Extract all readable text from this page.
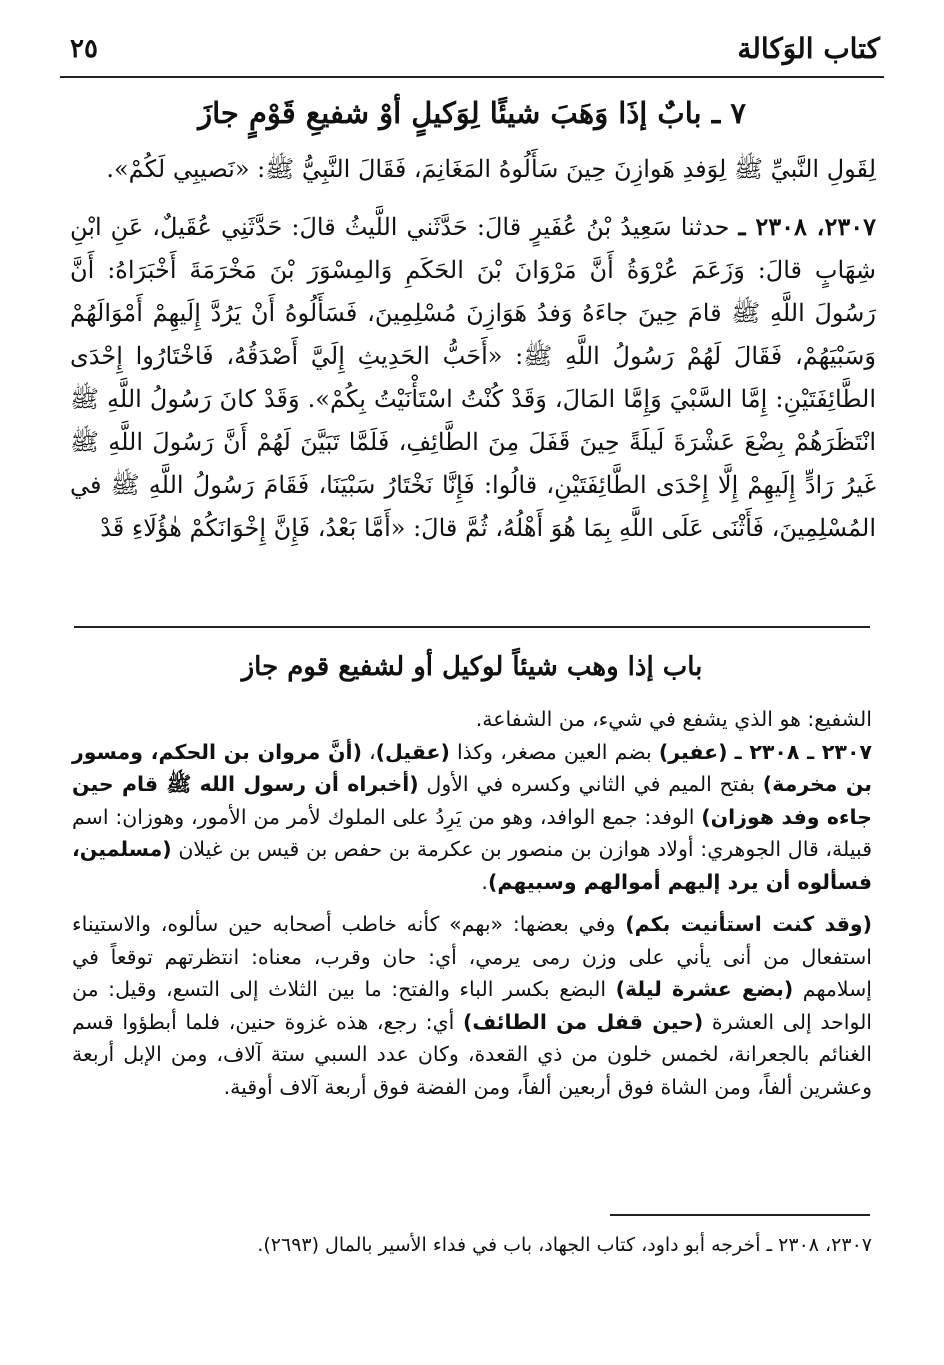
٢٥	كتاب الوَكالة
٧ ـ بابٌ إذَا وَهَبَ شيئًا لِوَكيلٍ أوْ شفيعِ قَوْمٍ جازَ

لِقَولِ النَّبيِّ ﷺ لِوَفدِ هَوازِنَ حِينَ سَأَلُوهُ المَغَانِمَ، فَقَالَ النَّبِيُّ ﷺ: «نَصيبِي لَكُمْ».

٢٣٠٧، ٢٣٠٨ ـ حدثنا سَعِيدُ بْنُ عُفَيرٍ قالَ: حَدَّثَني اللَّيثُ قالَ: حَدَّثَنِي عُقَيلٌ، عَنِ ابْنِ شِهَابٍ قالَ: وَزَعَمَ عُرْوَةُ أَنَّ مَرْوَانَ بْنَ الحَكَمِ وَالمِسْوَرَ بْنَ مَخْرَمَةَ أَخْبَرَاهُ: أَنَّ رَسُولَ اللَّهِ ﷺ قامَ حِينَ جاءَهُ وَفدُ هَوَازِنَ مُسْلِمِينَ، فَسَأَلُوهُ أَنْ يَرُدَّ إِلَيهِمْ أَمْوَالَهُمْ وَسَبْيَهُمْ، فَقَالَ لَهُمْ رَسُولُ اللَّهِ ﷺ: «أَحَبُّ الحَدِيثِ إِلَيَّ أَصْدَقُهُ، فَاخْتَارُوا إِحْدَى الطَّائِفَتَيْنِ: إِمَّا السَّبْيَ وَإِمَّا المَالَ، وَقَدْ كُنْتُ اسْتَأْنَيْتُ بِكُمْ». وَقَدْ كانَ رَسُولُ اللَّهِ ﷺ انْتَظَرَهُمْ بِضْعَ عَشْرَةَ لَيلَةً حِينَ قَفَلَ مِنَ الطَّائِفِ، فَلَمَّا تَبَيَّنَ لَهُمْ أَنَّ رَسُولَ اللَّهِ ﷺ غَيرُ رَادٍّ إِلَيهِمْ إِلَّا إِحْدَى الطَّائِفَتَيْنِ، قالُوا: فَإِنَّا نَخْتَارُ سَبْيَنَا، فَقَامَ رَسُولُ اللَّهِ ﷺ في المُسْلِمِينَ، فَأَثْنَى عَلَى اللَّهِ بِمَا هُوَ أَهْلُهُ، ثُمَّ قالَ: «أَمَّا بَعْدُ، فَإِنَّ إِخْوَانَكُمْ هٰؤُلَاءِ قَدْ

باب إذا وهب شيئاً لوكيل أو لشفيع قوم جاز

الشفيع: هو الذي يشفع في شيء، من الشفاعة.

٢٣٠٧ ـ ٢٣٠٨ ـ (عفير) بضم العين مصغر، وكذا (عقيل)، (أنَّ مروان بن الحكم، ومسور بن مخرمة) بفتح الميم في الثاني وكسره في الأول (أخبراه أن رسول الله ﷺ قام حين جاءه وفد هوزان) الوفد: جمع الوافد، وهو من يَرِدُ على الملوك لأمر من الأمور، وهوزان: اسم قبيلة، قال الجوهري: أولاد هوازن بن منصور بن عكرمة بن حفص بن قيس بن غيلان (مسلمين، فسألوه أن يرد إليهم أموالهم وسبيهم).

(وقد كنت استأنيت بكم) وفي بعضها: «بهم» كأنه خاطب أصحابه حين سألوه، والاستيناء استفعال من أنى يأني على وزن رمى يرمي، أي: حان وقرب، معناه: انتظرتهم توقعاً في إسلامهم (بضع عشرة ليلة) البضع بكسر الباء والفتح: ما بين الثلاث إلى التسع، وقيل: من الواحد إلى العشرة (حين قفل من الطائف) أي: رجع، هذه غزوة حنين، فلما أبطؤوا قسم الغنائم بالجعرانة، لخمس خلون من ذي القعدة، وكان عدد السبي ستة آلاف، ومن الإبل أربعة وعشرين ألفاً، ومن الشاة فوق أربعين ألفاً، ومن الفضة فوق أربعة آلاف أوقية.

٢٣٠٧، ٢٣٠٨ ـ أخرجه أبو داود، كتاب الجهاد، باب في فداء الأسير بالمال (٢٦٩٣).
